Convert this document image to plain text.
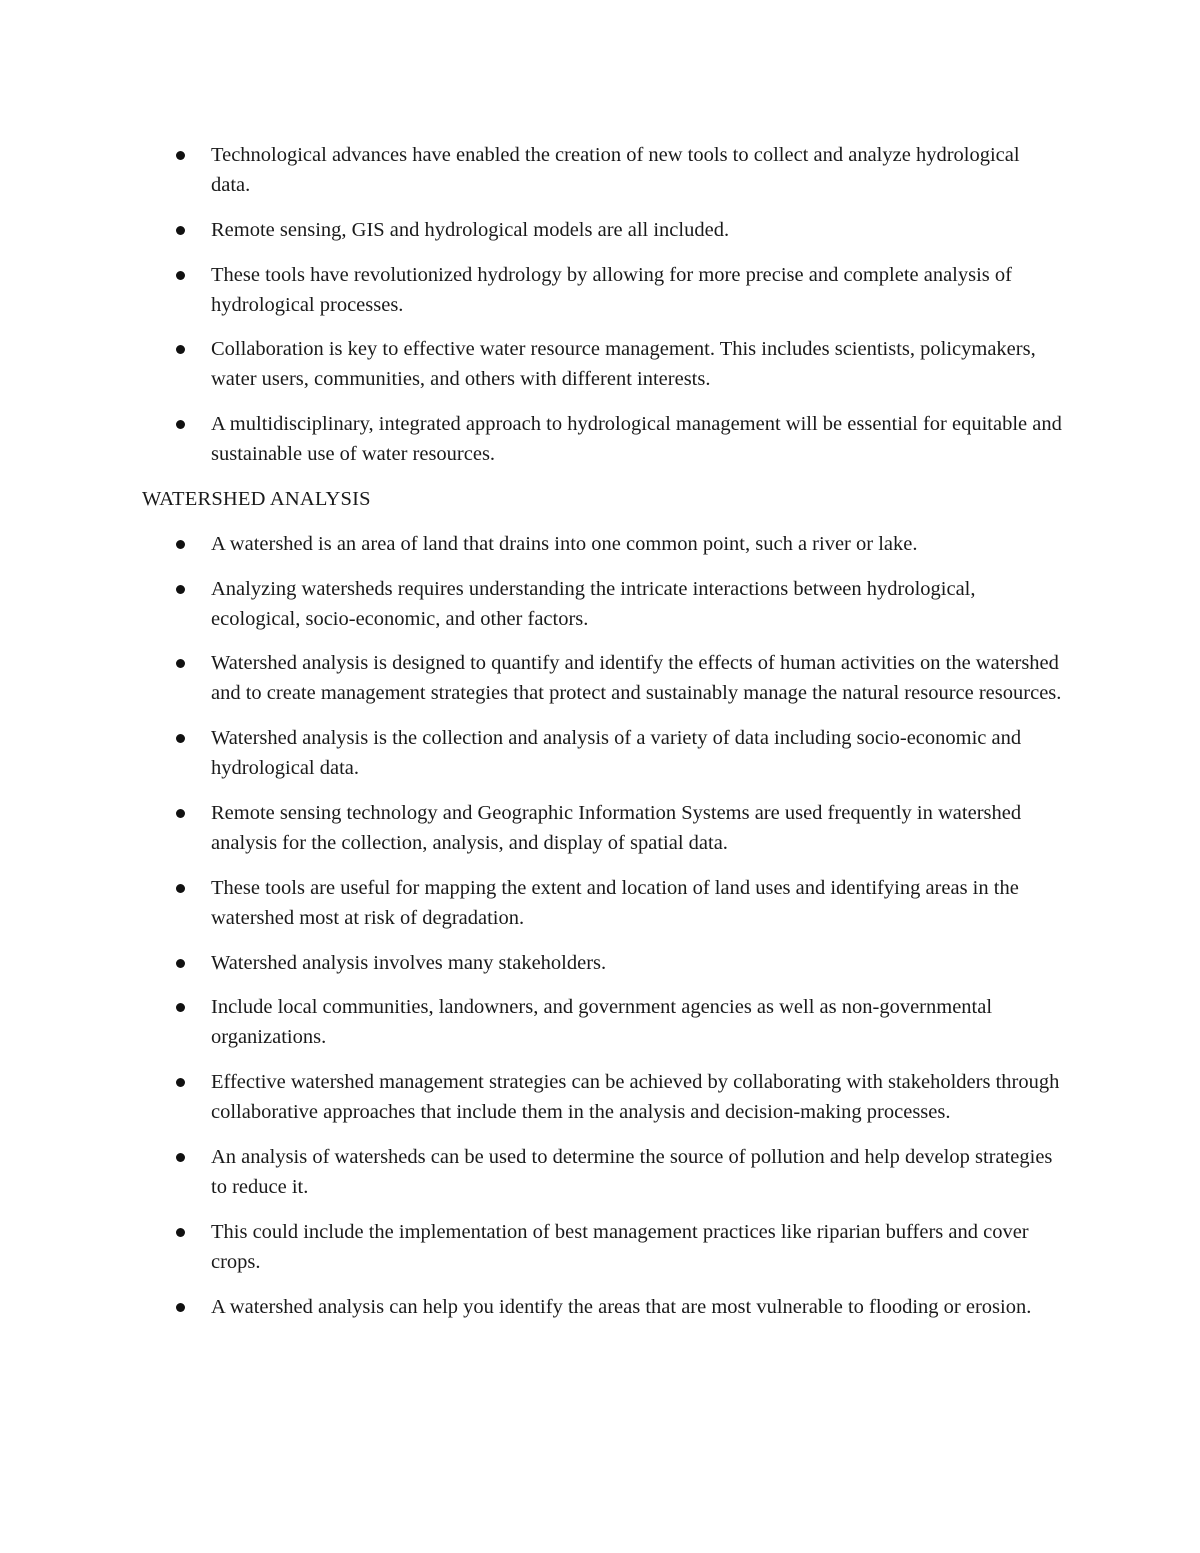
Technological advances have enabled the creation of new tools to collect and analyze hydrological data.
Remote sensing, GIS and hydrological models are all included.
These tools have revolutionized hydrology by allowing for more precise and complete analysis of hydrological processes.
Collaboration is key to effective water resource management. This includes scientists, policymakers, water users, communities, and others with different interests.
A multidisciplinary, integrated approach to hydrological management will be essential for equitable and sustainable use of water resources.
WATERSHED ANALYSIS
A watershed is an area of land that drains into one common point, such a river or lake.
Analyzing watersheds requires understanding the intricate interactions between hydrological, ecological, socio-economic, and other factors.
Watershed analysis is designed to quantify and identify the effects of human activities on the watershed and to create management strategies that protect and sustainably manage the natural resource resources.
Watershed analysis is the collection and analysis of a variety of data including socio-economic and hydrological data.
Remote sensing technology and Geographic Information Systems are used frequently in watershed analysis for the collection, analysis, and display of spatial data.
These tools are useful for mapping the extent and location of land uses and identifying areas in the watershed most at risk of degradation.
Watershed analysis involves many stakeholders.
Include local communities, landowners, and government agencies as well as non-governmental organizations.
Effective watershed management strategies can be achieved by collaborating with stakeholders through collaborative approaches that include them in the analysis and decision-making processes.
An analysis of watersheds can be used to determine the source of pollution and help develop strategies to reduce it.
This could include the implementation of best management practices like riparian buffers and cover crops.
A watershed analysis can help you identify the areas that are most vulnerable to flooding or erosion.
